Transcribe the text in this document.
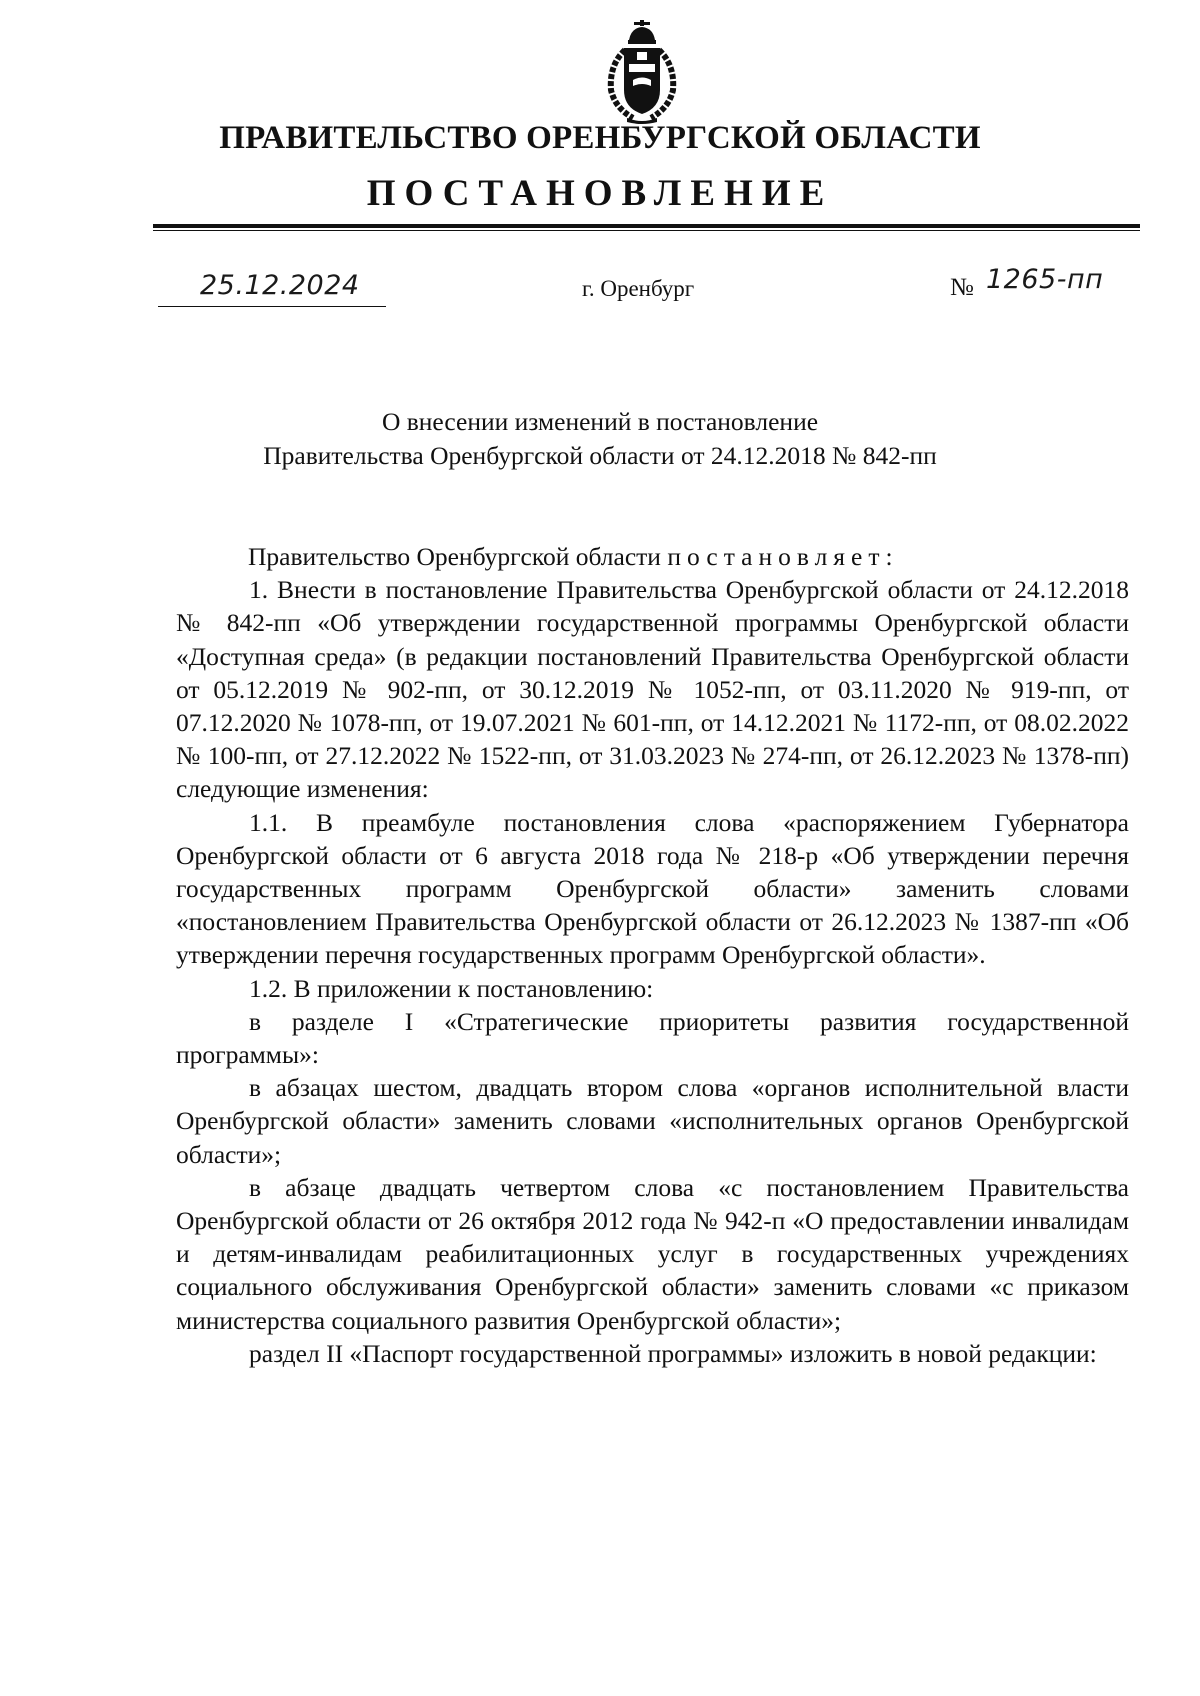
ПРАВИТЕЛЬСТВО ОРЕНБУРГСКОЙ ОБЛАСТИ
ПОСТАНОВЛЕНИЕ
25.12.2024	г. Оренбург	№ 1265-пп
О внесении изменений в постановление
Правительства Оренбургской области от 24.12.2018 № 842-пп

Правительство Оренбургской области постановляет:

1. Внести в постановление Правительства Оренбургской области от 24.12.2018 № 842-пп «Об утверждении государственной программы Оренбургской области «Доступная среда» (в редакции постановлений Правительства Оренбургской области от 05.12.2019 № 902-пп, от 30.12.2019 № 1052-пп, от 03.11.2020 № 919-пп, от 07.12.2020 № 1078-пп, от 19.07.2021 № 601-пп, от 14.12.2021 № 1172-пп, от 08.02.2022 № 100-пп, от 27.12.2022 № 1522-пп, от 31.03.2023 № 274-пп, от 26.12.2023 № 1378-пп) следующие изменения:

1.1. В преамбуле постановления слова «распоряжением Губернатора Оренбургской области от 6 августа 2018 года № 218-р «Об утверждении перечня государственных программ Оренбургской области» заменить словами «постановлением Правительства Оренбургской области от 26.12.2023 № 1387-пп «Об утверждении перечня государственных программ Оренбургской области».

1.2. В приложении к постановлению:

в разделе I «Стратегические приоритеты развития государственной программы»:

в абзацах шестом, двадцать втором слова «органов исполнительной власти Оренбургской области» заменить словами «исполнительных органов Оренбургской области»;

в абзаце двадцать четвертом слова «с постановлением Правительства Оренбургской области от 26 октября 2012 года № 942-п «О предоставлении инвалидам и детям-инвалидам реабилитационных услуг в государственных учреждениях социального обслуживания Оренбургской области» заменить словами «с приказом министерства социального развития Оренбургской области»;

раздел II «Паспорт государственной программы» изложить в новой редакции:
